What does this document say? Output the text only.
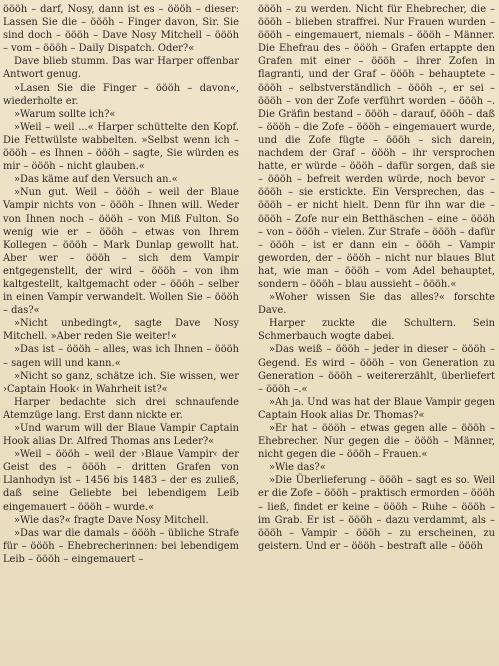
öööh – darf, Nosy, dann ist es – öööh – dieser: Lassen Sie die – öööh – Finger davon, Sir. Sie sind doch – öööh – Dave Nosy Mitchell – öööh – vom – öööh – Daily Dispatch. Oder?«

Dave blieb stumm. Das war Harper offenbar Antwort genug.

»Lasen Sie die Finger – öööh – davon«, wiederholte er.

»Warum sollte ich?«

»Weil – weil ...« Harper schüttelte den Kopf. Die Fettwülste wabbelten. »Selbst wenn ich – öööh – es Ihnen – öööh – sagte, Sie würden es mir – öööh – nicht glauben.«

»Das käme auf den Versuch an.«

»Nun gut. Weil – öööh – weil der Blaue Vampir nichts von – öööh – Ihnen will. Weder von Ihnen noch – öööh – von Miß Fulton. So wenig wie er – öööh – etwas von Ihrem Kollegen – öööh – Mark Dunlap gewollt hat. Aber wer – öööh – sich dem Vampir entgegenstellt, der wird – öööh – von ihm kaltgestellt, kaltgemacht oder – öööh – selber in einen Vampir verwandelt. Wollen Sie – öööh – das?«

»Nicht unbedingt«, sagte Dave Nosy Mitchell. »Aber reden Sie weiter!«

»Das ist – öööh – alles, was ich Ihnen – öööh – sagen will und kann.«

»Nicht so ganz, schätze ich. Sie wissen, wer ›Captain Hook‹ in Wahrheit ist?«

Harper bedachte sich drei schnaufende Atemzüge lang. Erst dann nickte er.

»Und warum will der Blaue Vampir Captain Hook alias Dr. Alfred Thomas ans Leder?«

»Weil – öööh – weil der ›Blaue Vampir‹ der Geist des – öööh – dritten Grafen von Llanhodyn ist – 1456 bis 1483 – der es zuließ, daß seine Geliebte bei lebendigem Leib eingemauert – öööh – wurde.«

»Wie das?« fragte Dave Nosy Mitchell.

»Das war die damals – öööh – übliche Strafe für – öööh – Ehebrecherinnen: bei lebendigem Leib – öööh – eingemauert –

öööh – zu werden. Nicht für Ehebrecher, die – öööh – blieben straffrei. Nur Frauen wurden – öööh – eingemauert, niemals – öööh – Männer. Die Ehefrau des – öööh – Grafen ertappte den Grafen mit einer – öööh – ihrer Zofen in flagranti, und der Graf – öööh – behauptete – öööh – selbstverständlich – öööh –, er sei – öööh – von der Zofe verführt worden – öööh –. Die Gräfin bestand – öööh – darauf, öööh – daß – öööh – die Zofe – öööh – eingemauert wurde, und die Zofe fügte – öööh – sich darein, nachdem der Graf – öööh – ihr versprochen hatte, er würde – öööh – dafür sorgen, daß sie – öööh – befreit werden würde, noch bevor – öööh – sie erstickte. Ein Versprechen, das – öööh – er nicht hielt. Denn für ihn war die – öööh – Zofe nur ein Betthäschen – eine – öööh – von – öööh – vielen. Zur Strafe – öööh – dafür – öööh – ist er dann ein – öööh – Vampir geworden, der – öööh – nicht nur blaues Blut hat, wie man – öööh – vom Adel behauptet, sondern – öööh – blau aussieht – öööh.«

»Woher wissen Sie das alles?« forschte Dave.

Harper zuckte die Schultern. Sein Schmerbauch wogte dabei.

»Das weiß – öööh – jeder in dieser – öööh – Gegend. Es wird – öööh – von Generation zu Generation – öööh – weitererzählt, überliefert – öööh –.«

»Ah ja. Und was hat der Blaue Vampir gegen Captain Hook alias Dr. Thomas?«

»Er hat – öööh – etwas gegen alle – öööh – Ehebrecher. Nur gegen die – öööh – Männer, nicht gegen die – öööh – Frauen.«

»Wie das?«

»Die Überlieferung – öööh – sagt es so. Weil er die Zofe – öööh – praktisch ermorden – öööh – ließ, findet er keine – öööh – Ruhe – öööh – im Grab. Er ist – öööh – dazu verdammt, als – öööh – Vampir – öööh – zu erscheinen, zu geistern. Und er – öööh – bestraft alle – öööh
